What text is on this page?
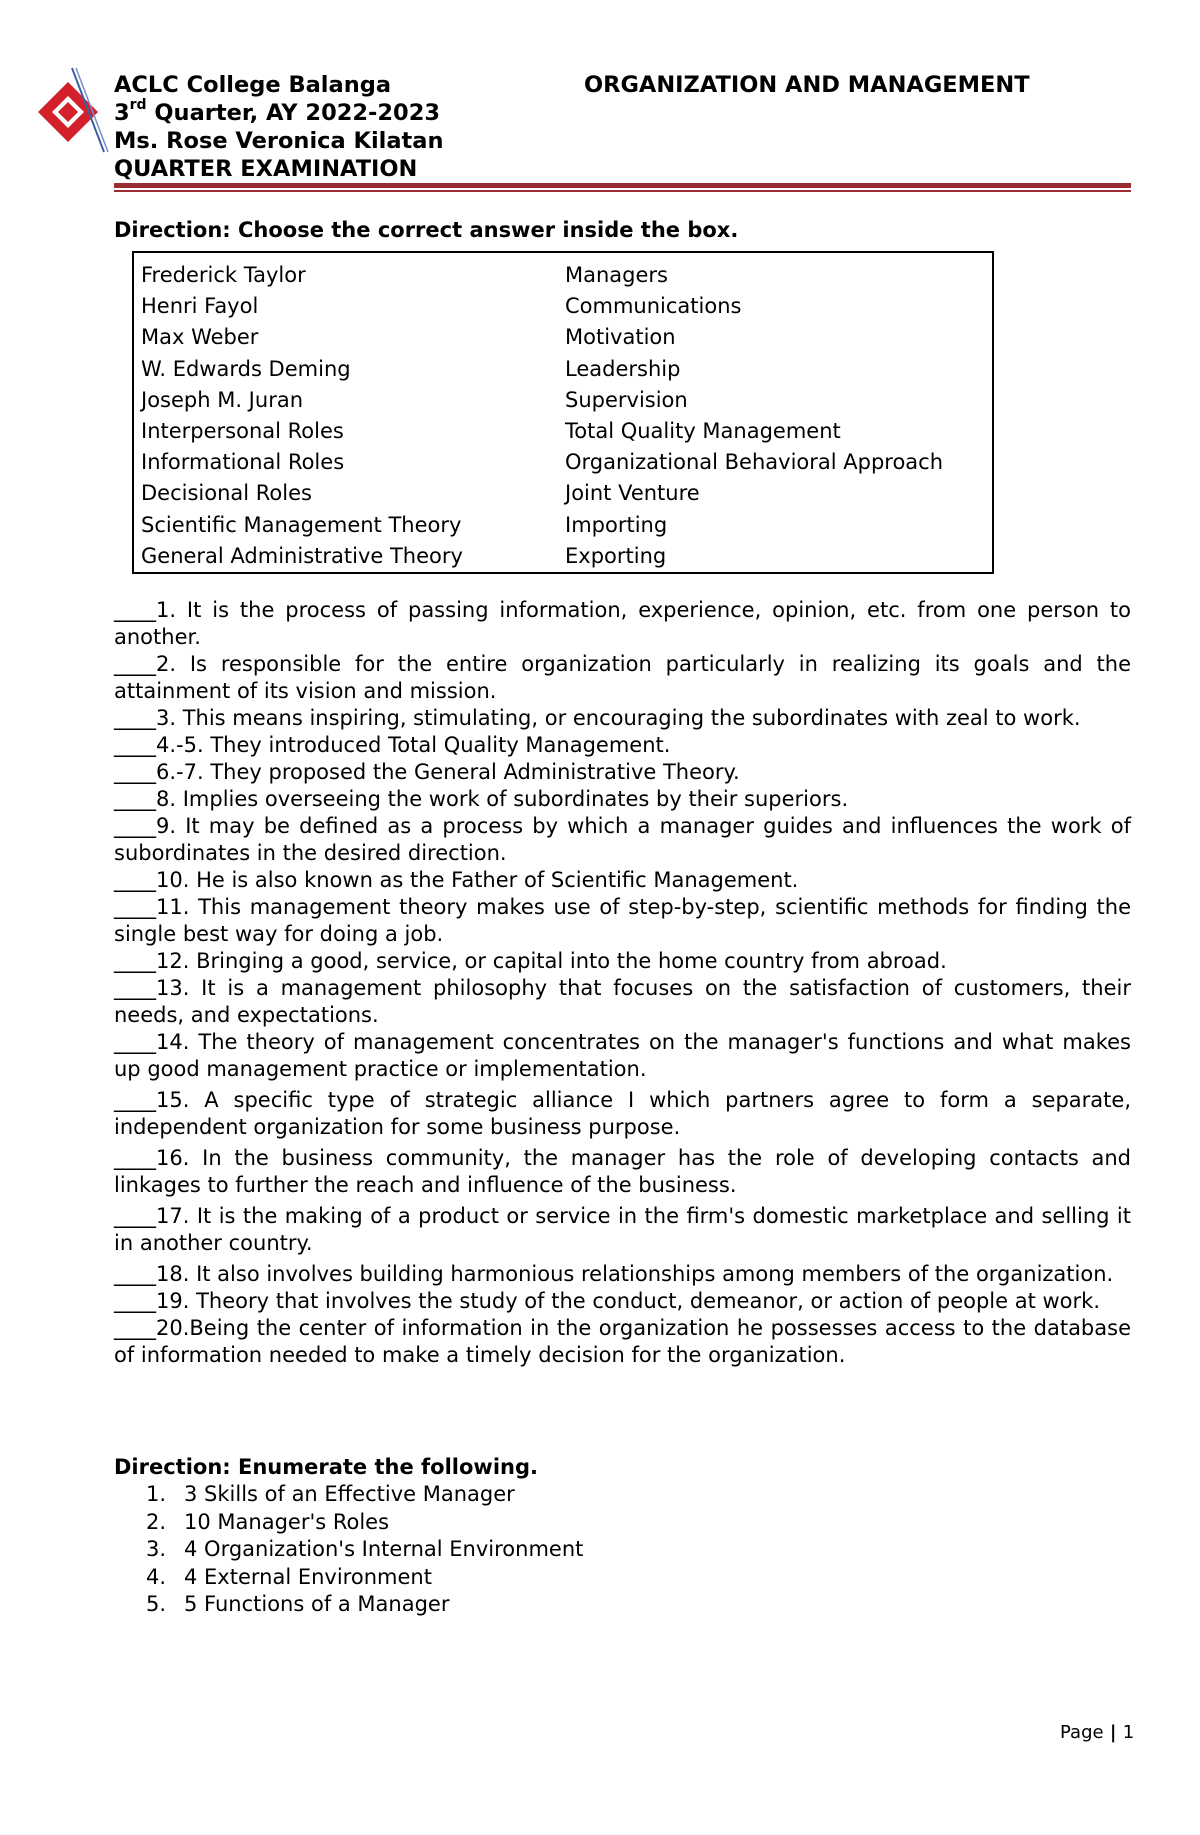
ACLC College Balanga
3rd Quarter, AY 2022-2023
Ms. Rose Veronica Kilatan
QUARTER EXAMINATION
ORGANIZATION AND MANAGEMENT
Direction: Choose the correct answer inside the box.
Frederick Taylor
Henri Fayol
Max Weber
W. Edwards Deming
Joseph M. Juran
Interpersonal Roles
Informational Roles
Decisional Roles
Scientific Management Theory
General Administrative Theory
Managers
Communications
Motivation
Leadership
Supervision
Total Quality Management
Organizational Behavioral Approach
Joint Venture
Importing
Exporting
____1. It is the process of passing information, experience, opinion, etc. from one person to another.
____2. Is responsible for the entire organization particularly in realizing its goals and the attainment of its vision and mission.
____3. This means inspiring, stimulating, or encouraging the subordinates with zeal to work.
____4.-5. They introduced Total Quality Management.
____6.-7. They proposed the General Administrative Theory.
____8. Implies overseeing the work of subordinates by their superiors.
____9. It may be defined as a process by which a manager guides and influences the work of subordinates in the desired direction.
____10. He is also known as the Father of Scientific Management.
____11. This management theory makes use of step-by-step, scientific methods for finding the single best way for doing a job.
____12. Bringing a good, service, or capital into the home country from abroad.
____13. It is a management philosophy that focuses on the satisfaction of customers, their needs, and expectations.
____14. The theory of management concentrates on the manager's functions and what makes up good management practice or implementation.
____15. A specific type of strategic alliance I which partners agree to form a separate, independent organization for some business purpose.
____16. In the business community, the manager has the role of developing contacts and linkages to further the reach and influence of the business.
____17. It is the making of a product or service in the firm's domestic marketplace and selling it in another country.
____18. It also involves building harmonious relationships among members of the organization.
____19. Theory that involves the study of the conduct, demeanor, or action of people at work.
____20.Being the center of information in the organization he possesses access to the database of information needed to make a timely decision for the organization.
Direction: Enumerate the following.
1. 3 Skills of an Effective Manager
2. 10 Manager's Roles
3. 4 Organization's Internal Environment
4. 4 External Environment
5. 5 Functions of a Manager
Page | 1
